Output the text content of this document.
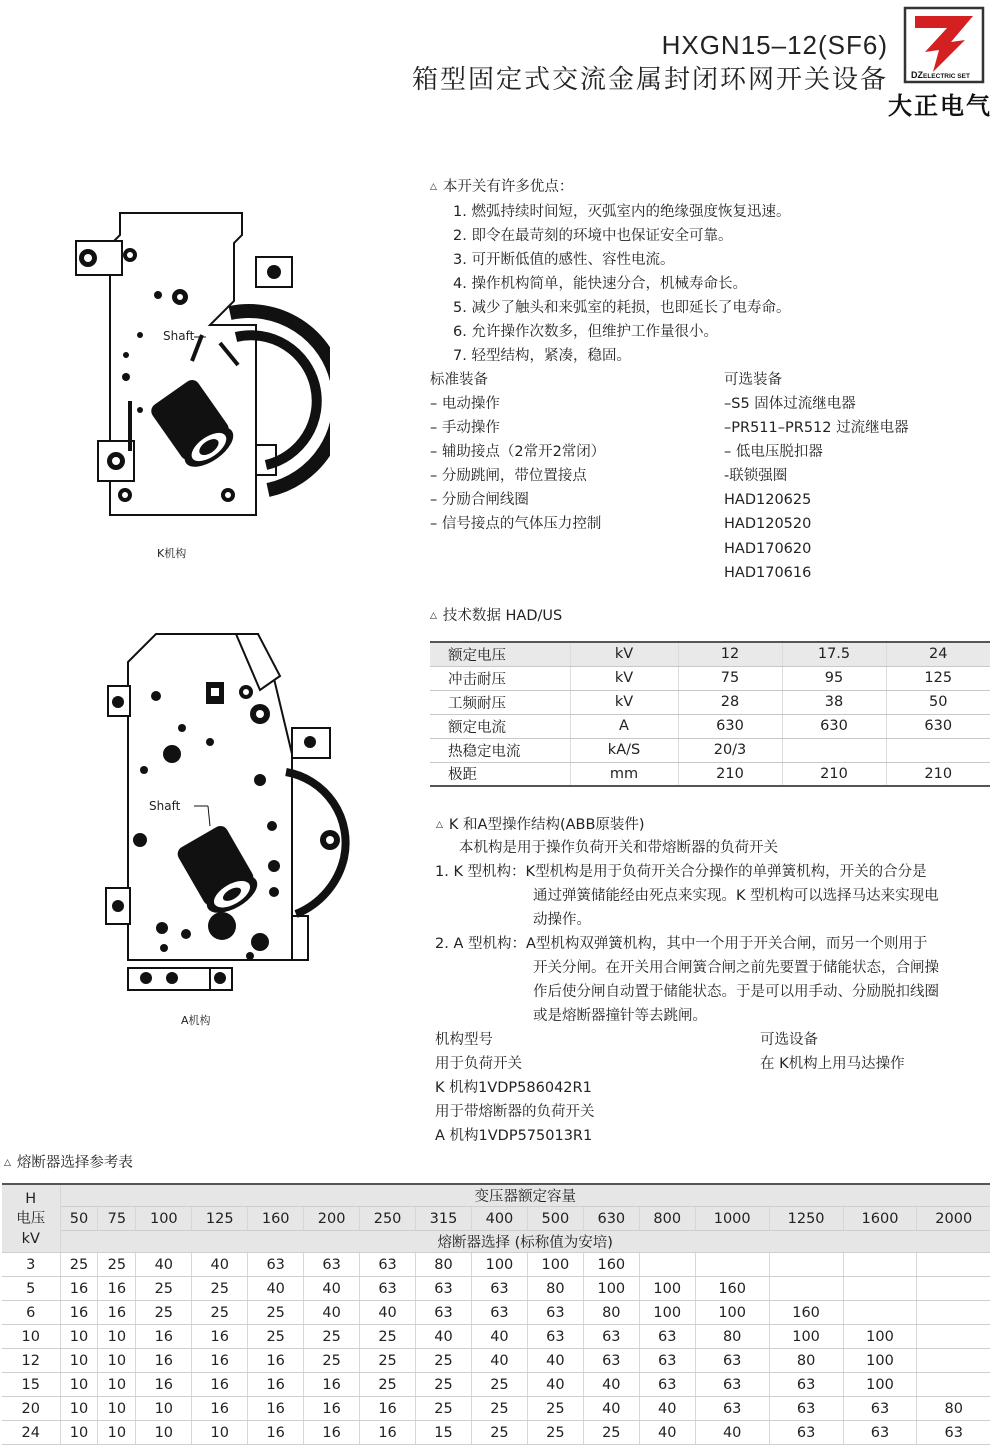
HXGN15–12(SF6)
箱型固定式交流金属封闭环网开关设备	DZELECTRIC SET
大正电气
Shaft
K机构
Shaft
A机构
△ 本开关有许多优点：
1. 燃弧持续时间短，灭弧室内的绝缘强度恢复迅速。
2. 即令在最苛刻的环境中也保证安全可靠。
3. 可开断低值的感性、容性电流。
4. 操作机构简单，能快速分合，机械寿命长。
5. 减少了触头和来弧室的耗损，也即延长了电寿命。
6. 允许操作次数多，但维护工作量很小。
7. 轻型结构，紧凑，稳固。
标准装备
– 电动操作
– 手动操作
– 辅助接点（2常开2常闭）
– 分励跳闸，带位置接点
– 分励合闸线圈
– 信号接点的气体压力控制
可选装备
–S5 固体过流继电器
–PR511–PR512 过流继电器
– 低电压脱扣器
-联锁强圈
HAD120625
HAD120520
HAD170620
HAD170616
△ 技术数据 HAD/US
额定电压	kV	12	17.5	24
冲击耐压	kV	75	95	125
工频耐压	kV	28	38	50
额定电流	A	630	630	630
热稳定电流	kA/S	20/3		
极距	mm	210	210	210
△ K 和A型操作结构(ABB原装件)
本机构是用于操作负荷开关和带熔断器的负荷开关
1. K 型机构：K型机构是用于负荷开关合分操作的单弹簧机构，开关的合分是
通过弹簧储能经由死点来实现。K 型机构可以选择马达来实现电
动操作。
2. A 型机构：A型机构双弹簧机构，其中一个用于开关合闸，而另一个则用于
开关分闸。在开关用合闸簧合闸之前先要置于储能状态，合闸操
作后使分闸自动置于储能状态。于是可以用手动、分励脱扣线圈
或是熔断器撞针等去跳闸。
机构型号
用于负荷开关
K 机构1VDP586042R1
用于带熔断器的负荷开关
A 机构1VDP575013R1
可选设备
在 K机构上用马达操作
△ 熔断器选择参考表
H
电压
kV	变压器额定容量															
	50	75	100	125	160	200	250	315	400	500	630	800	1000	1250	1600	2000
	熔断器选择 (标称值为安培)															
3	25	25	40	40	63	63	63	80	100	100	160					
5	16	16	25	25	40	40	63	63	63	80	100	100	160			
6	16	16	25	25	25	40	40	63	63	63	80	100	100	160		
10	10	10	16	16	25	25	25	40	40	63	63	63	80	100	100	
12	10	10	16	16	16	25	25	25	40	40	63	63	63	80	100	
15	10	10	16	16	16	16	25	25	25	40	40	63	63	63	100	
20	10	10	10	16	16	16	16	25	25	25	40	40	63	63	63	80
24	10	10	10	10	16	16	16	15	25	25	25	40	40	63	63	63
